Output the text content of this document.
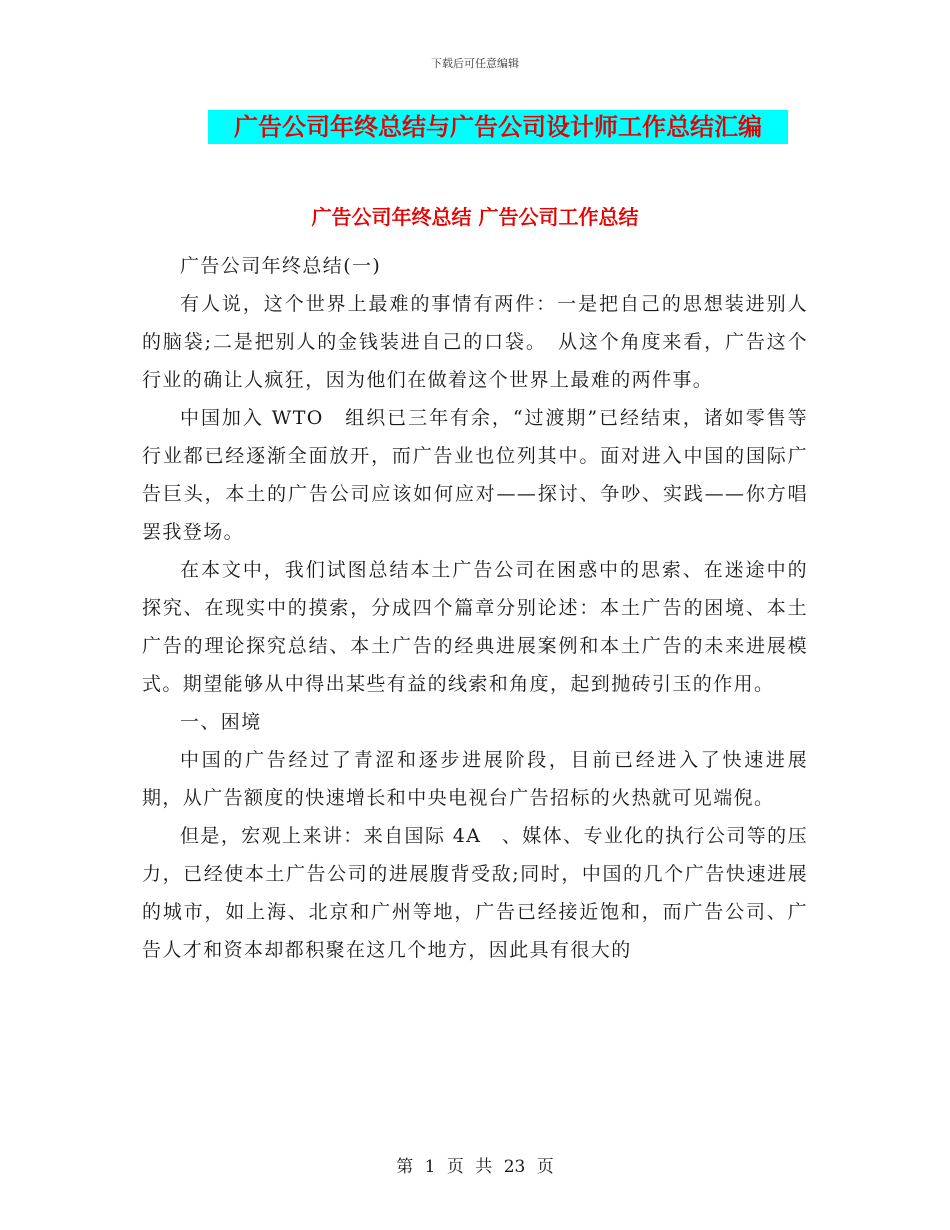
下载后可任意编辑
广告公司年终总结与广告公司设计师工作总结汇编
广告公司年终总结 广告公司工作总结

广告公司年终总结(一)

有人说，这个世界上最难的事情有两件：一是把自己的思想装进别人的脑袋;二是把别人的金钱装进自己的口袋。　从这个角度来看，广告这个行业的确让人疯狂，因为他们在做着这个世界上最难的两件事。

中国加入 WTO　组织已三年有余，“过渡期”已经结束，诸如零售等行业都已经逐渐全面放开，而广告业也位列其中。面对进入中国的国际广告巨头，本土的广告公司应该如何应对——探讨、争吵、实践——你方唱罢我登场。

在本文中，我们试图总结本土广告公司在困惑中的思索、在迷途中的探究、在现实中的摸索，分成四个篇章分别论述：本土广告的困境、本土广告的理论探究总结、本土广告的经典进展案例和本土广告的未来进展模式。期望能够从中得出某些有益的线索和角度，起到抛砖引玉的作用。

一、困境

中国的广告经过了青涩和逐步进展阶段，目前已经进入了快速进展期，从广告额度的快速增长和中央电视台广告招标的火热就可见端倪。

但是，宏观上来讲：来自国际 4A　、媒体、专业化的执行公司等的压力，已经使本土广告公司的进展腹背受敌;同时，中国的几个广告快速进展的城市，如上海、北京和广州等地，广告已经接近饱和，而广告公司、广告人才和资本却都积聚在这几个地方，因此具有很大的

第 1 页 共 23 页
